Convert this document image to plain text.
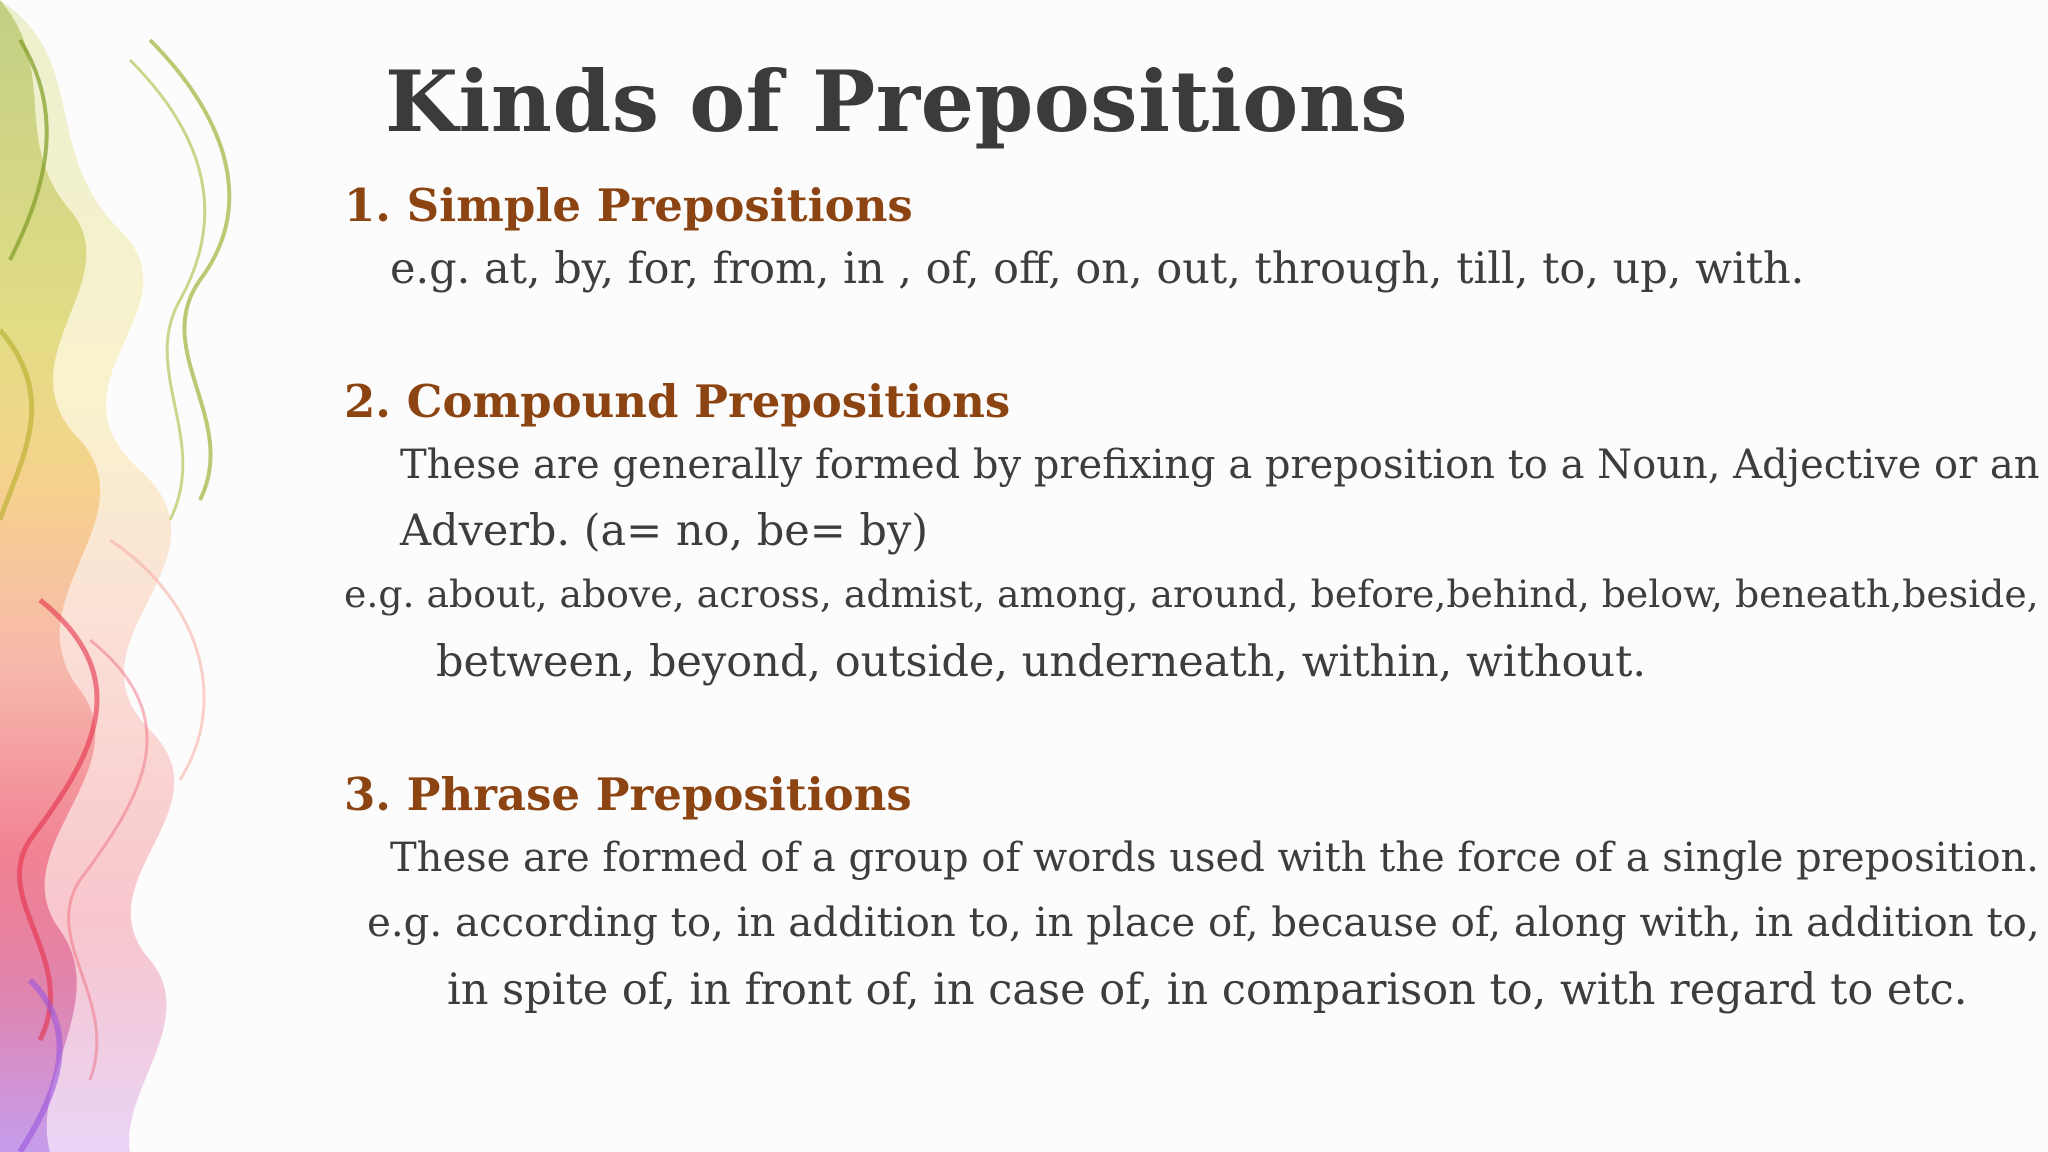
Kinds of Prepositions
1. Simple Prepositions

e.g. at, by, for, from, in , of, off, on, out, through, till, to, up, with.

2. Compound Prepositions

These are generally formed by prefixing a preposition to a Noun, Adjective or an

Adverb. (a= no, be= by)

e.g. about, above, across, admist, among, around, before,behind, below, beneath,beside,

between, beyond, outside, underneath, within, without.

3. Phrase Prepositions

These are formed of a group of words used with the force of a single preposition.

e.g. according to, in addition to, in place of, because of, along with, in addition to,

in spite of, in front of, in case of, in comparison to, with regard to etc.
